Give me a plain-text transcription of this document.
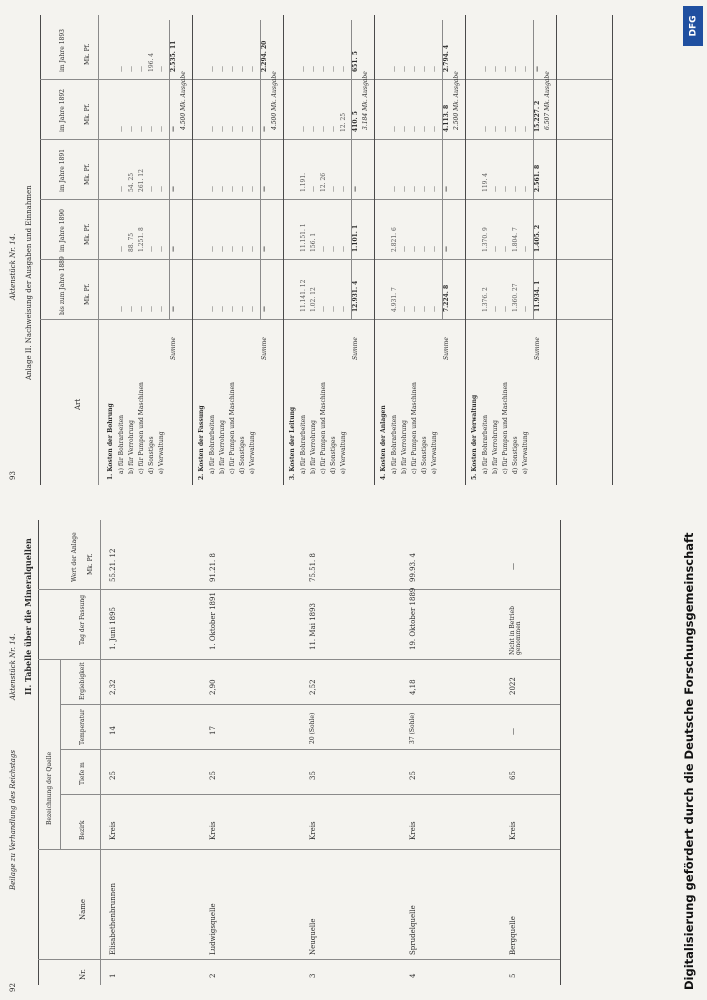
92
Beilage zu Verhandlung des Reichstags
Aktenstück Nr. 14. II. Tabelle über die Mineralquellen
Nr.
Name
Bezeichnung der Quelle
Bezirk
Tiefe m
Temperatur
Ergiebigkeit
Tag der Fassung
Wert der Anlage Mk. Pf.
1
Elisabethenbrunnen
Kreis
25
14
2,32
1. Juni 1895
55.21. 12
2
Ludwigsquelle
Kreis
25
17
2,90
1. Oktober 1891
91.21. 8
3
Neuquelle
Kreis
35
20 (Sohle)
2,52
11. Mai 1893
75.51. 8
4
Sprudelquelle
Kreis
25
37 (Sohle)
4,18
19. Oktober 1889
99.93. 4
5
Bergquelle
Kreis
65
—
2022
Nicht in Betrieb genommen
—
93
Aktenstück Nr. 14. Anlage II. Nachweisung der Ausgaben und Einnahmen
Art
bis zum Jahre 1889
im Jahre 1890
im Jahre 1891
im Jahre 1892
im Jahre 1893
Mk. Pf.
Mk. Pf.
Mk. Pf.
Mk. Pf.
Mk. Pf.
1. Kosten der Bohrung a) für Bohrarbeiten
—
—
—
—
—
b) für Verrohrung
—
88. 75
54. 25
—
—
c) für Pumpen und Maschinen
—
1.251. 8
261. 12
—
—
d) Sonstiges
—
—
—
—
196. 4
e) Verwaltung
—
—
—
—
—
Summe
—
—
—
—
2.535. 11
4.500 Mk. Ausgabe
2. Kosten der Fassung a) für Bohrarbeiten
—
—
—
—
—
b) für Verrohrung
—
—
—
—
—
c) für Pumpen und Maschinen
—
—
—
—
—
d) Sonstiges
—
—
—
—
—
e) Verwaltung
—
—
—
—
—
Summe
—
—
—
—
2.294. 20
4.500 Mk. Ausgabe
3. Kosten der Leitung a) für Bohrarbeiten
11.141. 12
11.151. 1
1.191.
—
—
b) für Verrohrung
1.02. 12
156. 1
—
—
—
c) für Pumpen und Maschinen
—
—
12. 26
—
—
d) Sonstiges
—
—
—
—
—
e) Verwaltung
—
—
—
12. 25
—
Summe
12.931. 4
1.101. 1
—
410. 5
651. 5
3.184 Mk. Ausgabe
4. Kosten der Anlagen a) für Bohrarbeiten
4.931. 7
2.821. 6
—
—
—
b) für Verrohrung
—
—
—
—
—
c) für Pumpen und Maschinen
—
—
—
—
—
d) Sonstiges
—
—
—
—
—
e) Verwaltung
—
—
—
—
—
Summe
7.224. 8
—
—
4.113. 8
2.794. 4
2.500 Mk. Ausgabe
5. Kosten der Verwaltung a) für Bohrarbeiten
1.376. 2
1.370. 9
119. 4
—
—
b) für Verrohrung
—
—
—
—
—
c) für Pumpen und Maschinen
—
—
—
—
—
d) Sonstiges
1.360. 27
1.804. 7
—
—
—
e) Verwaltung
—
—
—
—
—
Summe
11.934. 1
1.405. 2
2.561. 8
15.227. 2
—
6.507 Mk. Ausgabe
Digitalisierung gefördert durch die Deutsche Forschungsgemeinschaft
DFG
